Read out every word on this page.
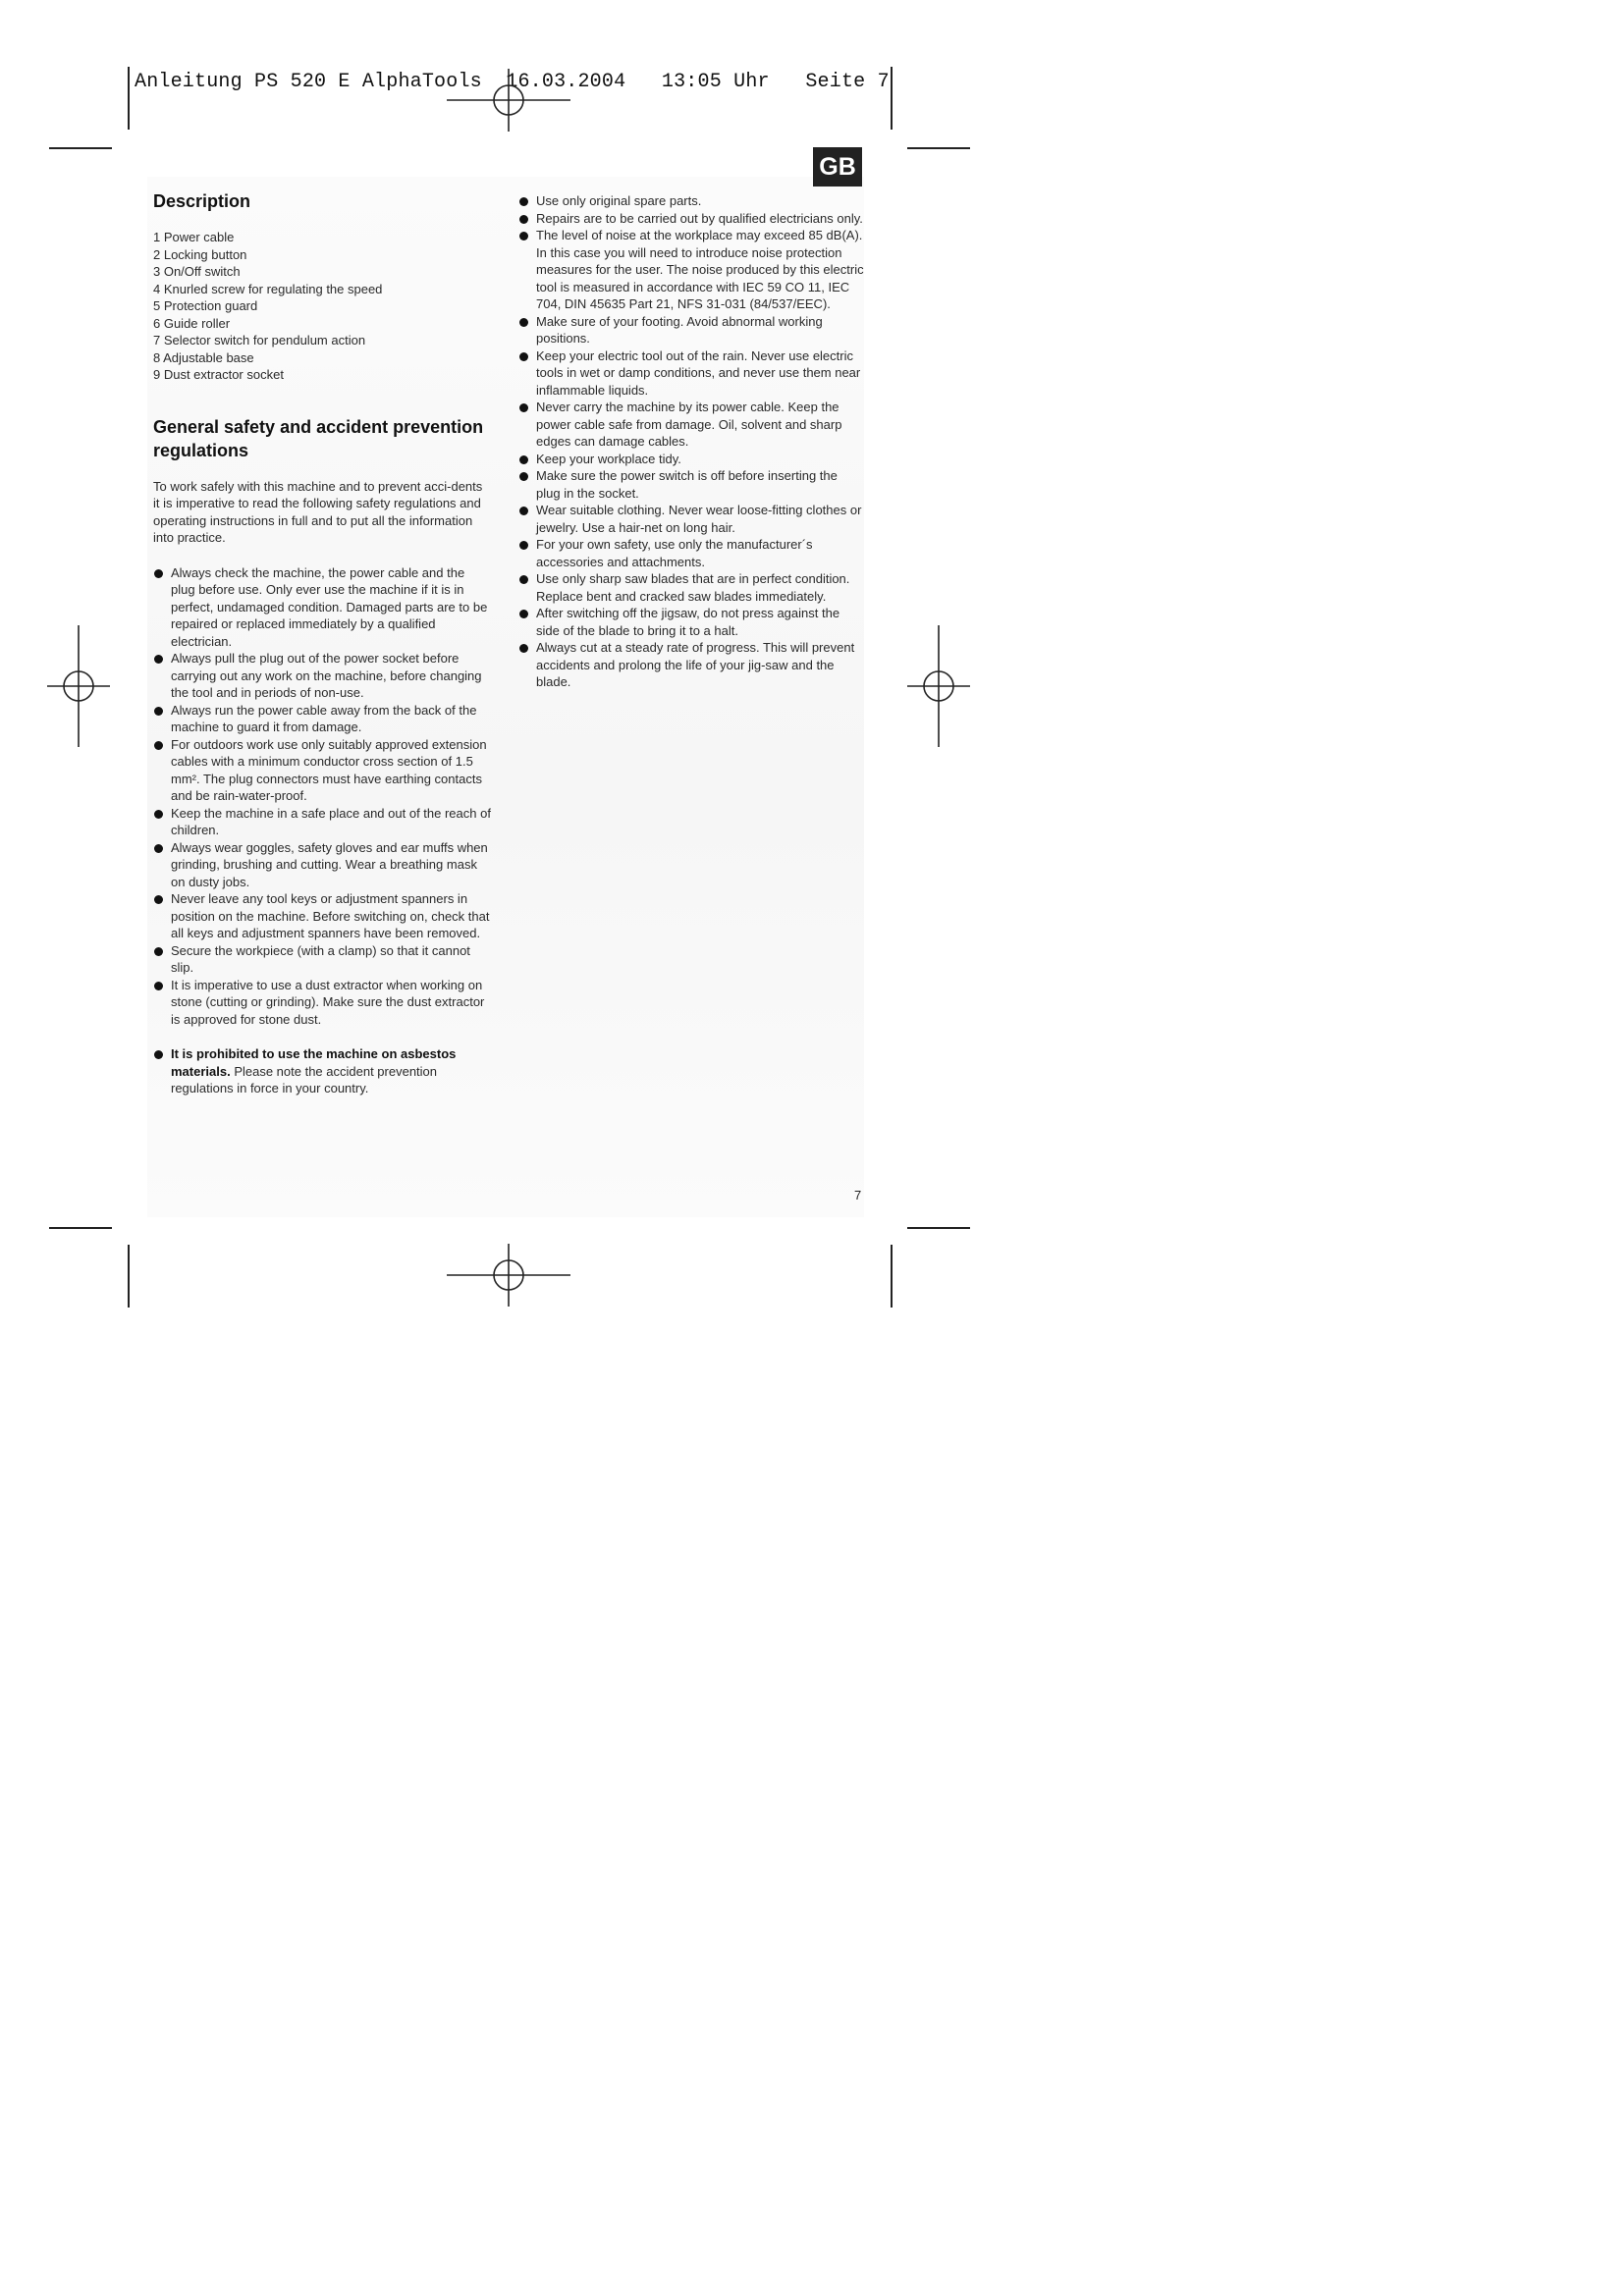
Anleitung PS 520 E AlphaTools 16.03.2004 13:05 Uhr Seite 7
GB
Description
1 Power cable
2 Locking button
3 On/Off switch
4 Knurled screw for regulating the speed
5 Protection guard
6 Guide roller
7 Selector switch for pendulum action
8 Adjustable base
9 Dust extractor socket
General safety and accident prevention regulations

To work safely with this machine and to prevent acci-dents it is imperative to read the following safety regulations and operating instructions in full and to put all the information into practice.

Always check the machine, the power cable and the plug before use. Only ever use the machine if it is in perfect, undamaged condition. Damaged parts are to be repaired or replaced immediately by a qualified electrician.
Always pull the plug out of the power socket before carrying out any work on the machine, before changing the tool and in periods of non-use.
Always run the power cable away from the back of the machine to guard it from damage.
For outdoors work use only suitably approved extension cables with a minimum conductor cross section of 1.5 mm². The plug connectors must have earthing contacts and be rain-water-proof.
Keep the machine in a safe place and out of the reach of children.
Always wear goggles, safety gloves and ear muffs when grinding, brushing and cutting. Wear a breathing mask on dusty jobs.
Never leave any tool keys or adjustment spanners in position on the machine. Before switching on, check that all keys and adjustment spanners have been removed.
Secure the workpiece (with a clamp) so that it cannot slip.
It is imperative to use a dust extractor when working on stone (cutting or grinding). Make sure the dust extractor is approved for stone dust.
It is prohibited to use the machine on asbestos materials. Please note the accident prevention regulations in force in your country.
Use only original spare parts.
Repairs are to be carried out by qualified electricians only.
The level of noise at the workplace may exceed 85 dB(A). In this case you will need to introduce noise protection measures for the user. The noise produced by this electric tool is measured in accordance with IEC 59 CO 11, IEC 704, DIN 45635 Part 21, NFS 31-031 (84/537/EEC).
Make sure of your footing. Avoid abnormal working positions.
Keep your electric tool out of the rain. Never use electric tools in wet or damp conditions, and never use them near inflammable liquids.
Never carry the machine by its power cable. Keep the power cable safe from damage. Oil, solvent and sharp edges can damage cables.
Keep your workplace tidy.
Make sure the power switch is off before inserting the plug in the socket.
Wear suitable clothing. Never wear loose-fitting clothes or jewelry. Use a hair-net on long hair.
For your own safety, use only the manufacturer´s accessories and attachments.
Use only sharp saw blades that are in perfect condition. Replace bent and cracked saw blades immediately.
After switching off the jigsaw, do not press against the side of the blade to bring it to a halt.
Always cut at a steady rate of progress. This will prevent accidents and prolong the life of your jig-saw and the blade.
7
